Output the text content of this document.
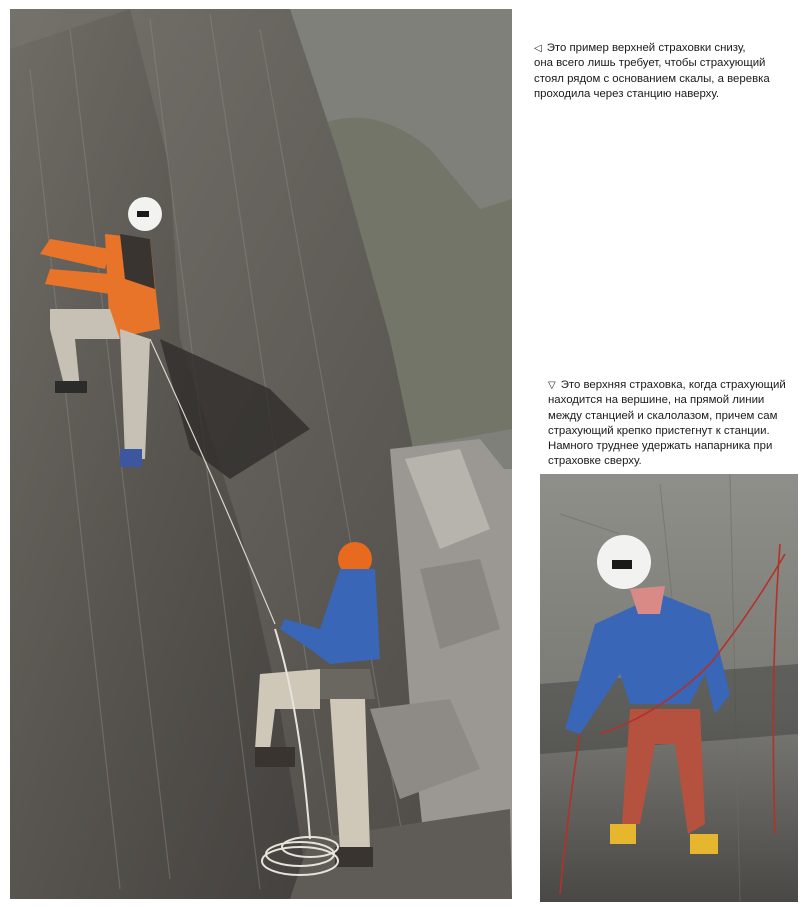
◁ Это пример верхней страховки снизу,
она всего лишь требует, чтобы страхующий
стоял рядом с основанием скалы, а веревка
проходила через станцию наверху.
▽ Это верхняя страховка, когда страхующий
находится на вершине, на прямой линии
между станцией и скалолазом, причем сам
страхующий крепко пристегнут к станции.
Намного труднее удержать напарника при
страховке сверху.
